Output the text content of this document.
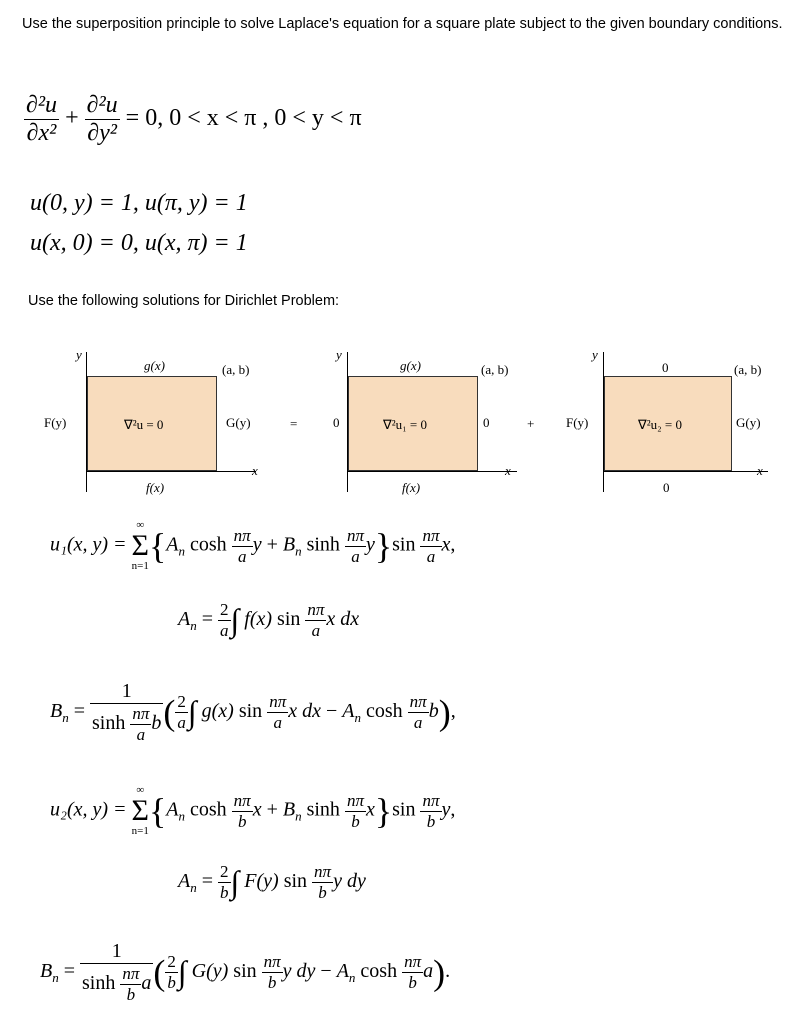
Use the superposition principle to solve Laplace's equation for a square plate subject to the given boundary conditions.
$\frac{\text{∂²u}}{\text{∂x²}} + \frac{\text{∂²u}}{\text{∂y²}} = 0$, 0 < x < π , 0 < y < π
u(0, y) = 1, u(π, y) = 1
u(x, 0) = 0, u(x, π) = 1
Use the following solutions for Dirichlet Problem:
y
g(x)	(a, b)
F(y)	∇²u = 0	G(y)
x
f(x)
=
y
g(x)	(a, b)
0	∇²u₁ = 0	0
x
f(x)
+
y
0	(a, b)
F(y)	∇²u₂ = 0	G(y)
x
0
u₁(x, y) =
∞
Σ
n=1 {$A_n$ $\cosh \frac{n\pi}{a}$ $y + B_n$ $\sinh \frac{n\pi}{a} y\}\sin \frac{n\pi}{a} x$,
$A_n = \frac{2}{a}$ ∫ f(x) $\sin \frac{n\pi}{a}$ x dx
$B_n = \frac{1}{\sinh \frac{n\pi}{a} b}$ ( $\frac{2}{a}$ ∫ g(x) $\sin \frac{n\pi}{a}$ x dx − $A_n$ $\cosh \frac{n\pi}{a} b$),
u₂(x, y) =
∞
Σ
n=1 {$A_n$ $\cosh \frac{n\pi}{b}$ $x + B_n$ $\sinh \frac{n\pi}{b} x\}\sin \frac{n\pi}{b} y$,
$A_n = \frac{2}{b}$ ∫ F(y) $\sin \frac{n\pi}{b}$ y dy
$B_n = \frac{1}{\sinh \frac{n\pi}{b} a}$ ( $\frac{2}{b}$ ∫ G(y) $\sin \frac{n\pi}{b}$ y dy − $A_n$ $\cosh \frac{n\pi}{b} a$).
